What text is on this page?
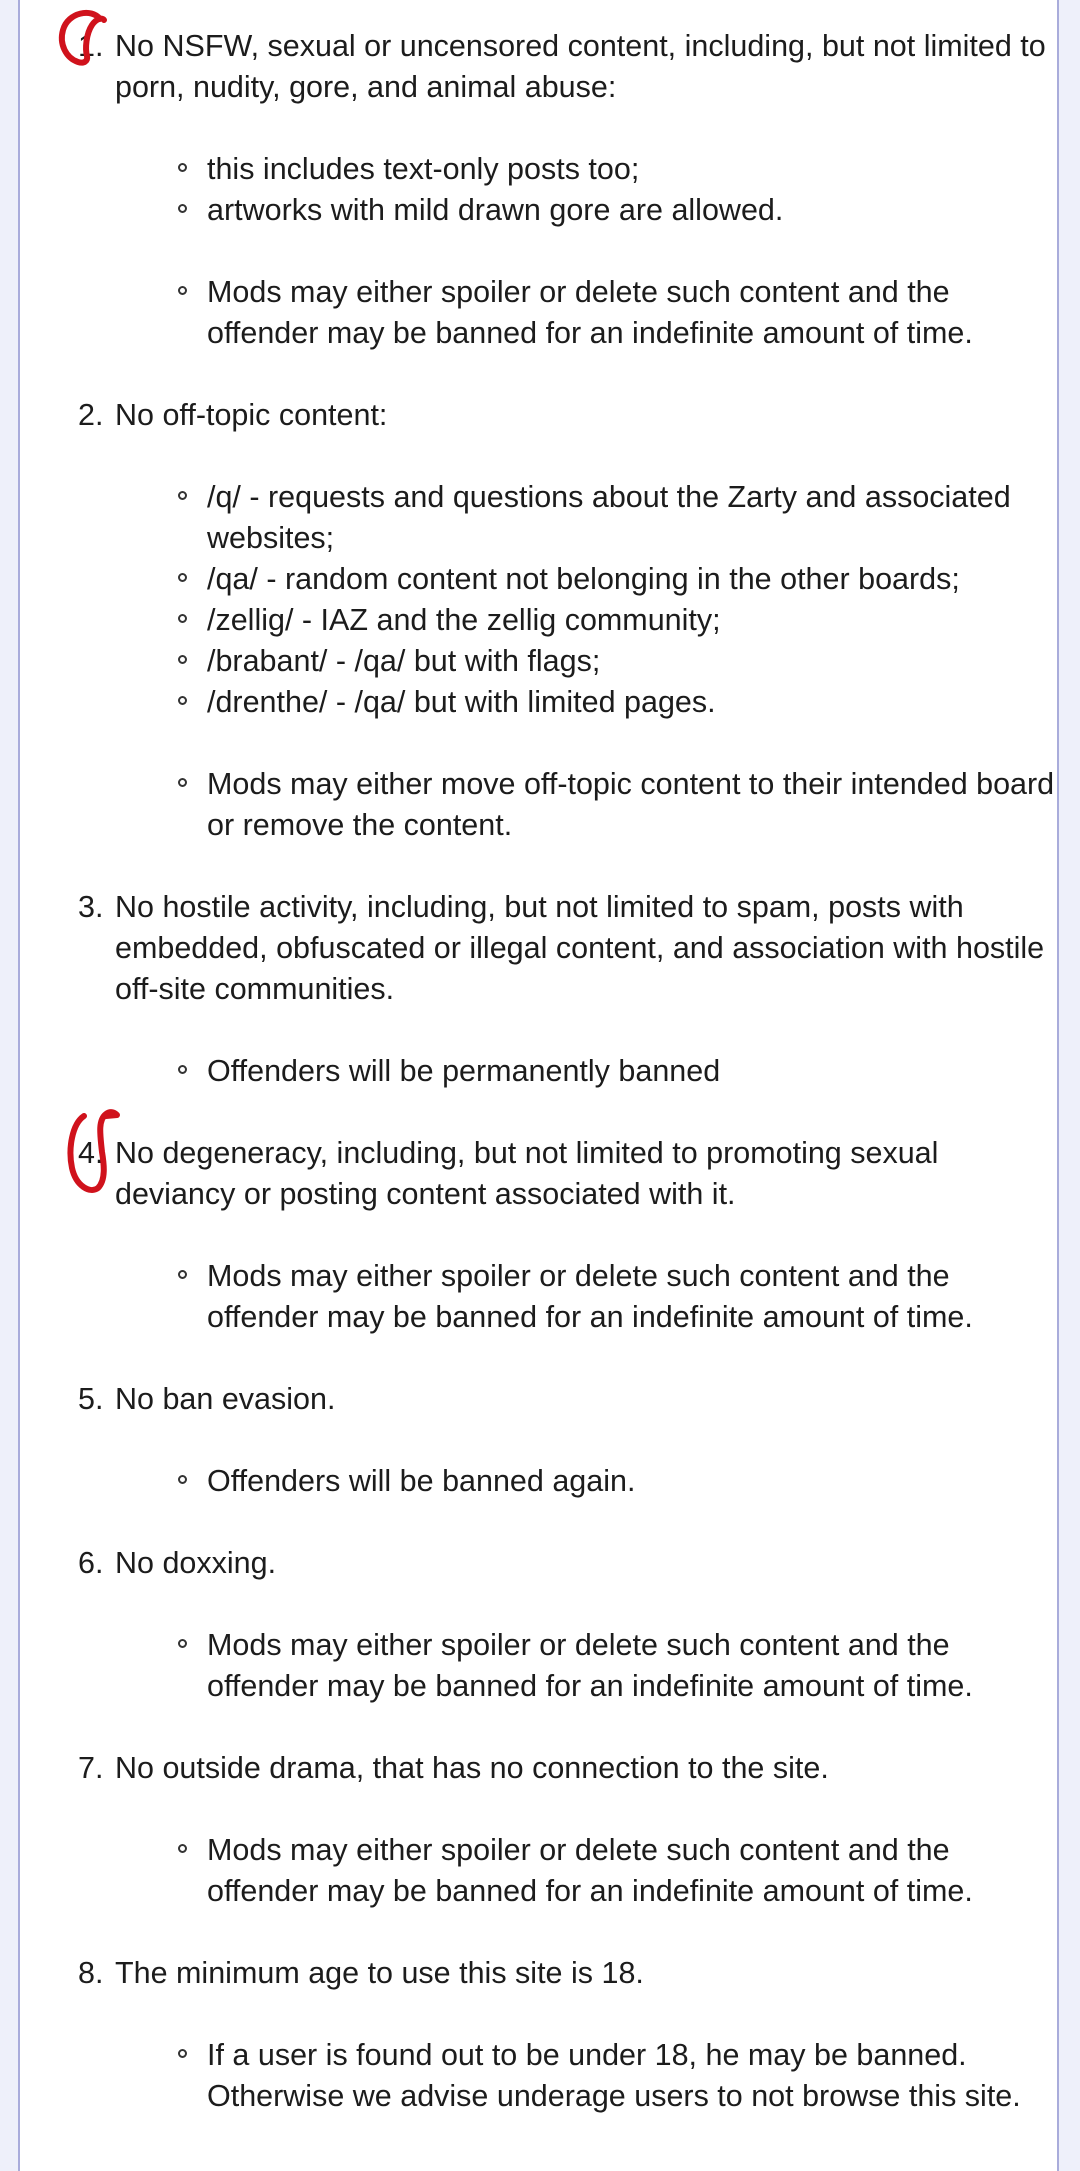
1. No NSFW, sexual or uncensored content, including, but not limited to porn, nudity, gore, and animal abuse:
this includes text-only posts too;
artworks with mild drawn gore are allowed.
Mods may either spoiler or delete such content and the offender may be banned for an indefinite amount of time.
2. No off-topic content:
/q/ - requests and questions about the Zarty and associated websites;
/qa/ - random content not belonging in the other boards;
/zellig/ - IAZ and the zellig community;
/brabant/ - /qa/ but with flags;
/drenthe/ - /qa/ but with limited pages.
Mods may either move off-topic content to their intended board or remove the content.
3. No hostile activity, including, but not limited to spam, posts with embedded, obfuscated or illegal content, and association with hostile off-site communities.
Offenders will be permanently banned
4. No degeneracy, including, but not limited to promoting sexual deviancy or posting content associated with it.
Mods may either spoiler or delete such content and the offender may be banned for an indefinite amount of time.
5. No ban evasion.
Offenders will be banned again.
6. No doxxing.
Mods may either spoiler or delete such content and the offender may be banned for an indefinite amount of time.
7. No outside drama, that has no connection to the site.
Mods may either spoiler or delete such content and the offender may be banned for an indefinite amount of time.
8. The minimum age to use this site is 18.
If a user is found out to be under 18, he may be banned. Otherwise we advise underage users to not browse this site.
